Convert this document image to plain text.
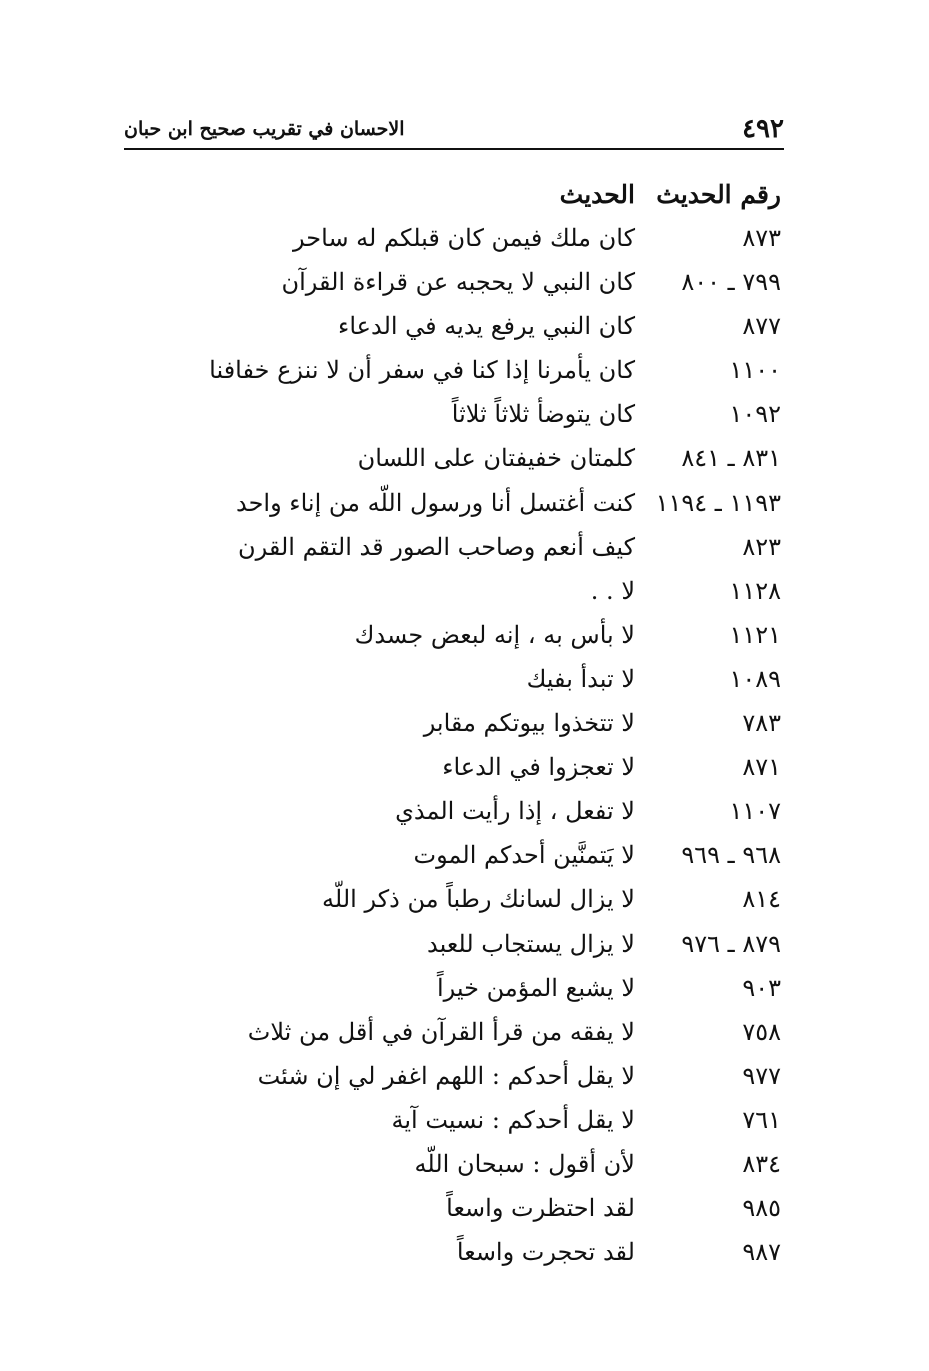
٤٩٢
الاحسان في تقريب صحيح ابن حبان
رقم الحديث
الحديث
٨٧٣
كان ملك فيمن كان قبلكم له ساحر
٧٩٩ ـ ٨٠٠
كان النبي لا يحجبه عن قراءة القرآن
٨٧٧
كان النبي يرفع يديه في الدعاء
١١٠٠
كان يأمرنا إذا كنا في سفر أن لا ننزع خفافنا
١٠٩٢
كان يتوضأ ثلاثاً ثلاثاً
٨٣١ ـ ٨٤١
كلمتان خفيفتان على اللسان
١١٩٣ ـ ١١٩٤
كنت أغتسل أنا ورسول اللّه من إناء واحد
٨٢٣
كيف أنعم وصاحب الصور قد التقم القرن
١١٢٨
لا . .
١١٢١
لا بأس به ، إنه لبعض جسدك
١٠٨٩
لا تبدأ بفيك
٧٨٣
لا تتخذوا بيوتكم مقابر
٨٧١
لا تعجزوا في الدعاء
١١٠٧
لا تفعل ، إذا رأيت المذي
٩٦٨ ـ ٩٦٩
لا يَتمنَّين أحدكم الموت
٨١٤
لا يزال لسانك رطباً من ذكر اللّه
٨٧٩ ـ ٩٧٦
لا يزال يستجاب للعبد
٩٠٣
لا يشبع المؤمن خيراً
٧٥٨
لا يفقه من قرأ القرآن في أقل من ثلاث
٩٧٧
لا يقل أحدكم : اللهم اغفر لي إن شئت
٧٦١
لا يقل أحدكم : نسيت آية
٨٣٤
لأن أقول : سبحان اللّه
٩٨٥
لقد احتظرت واسعاً
٩٨٧
لقد تحجرت واسعاً
